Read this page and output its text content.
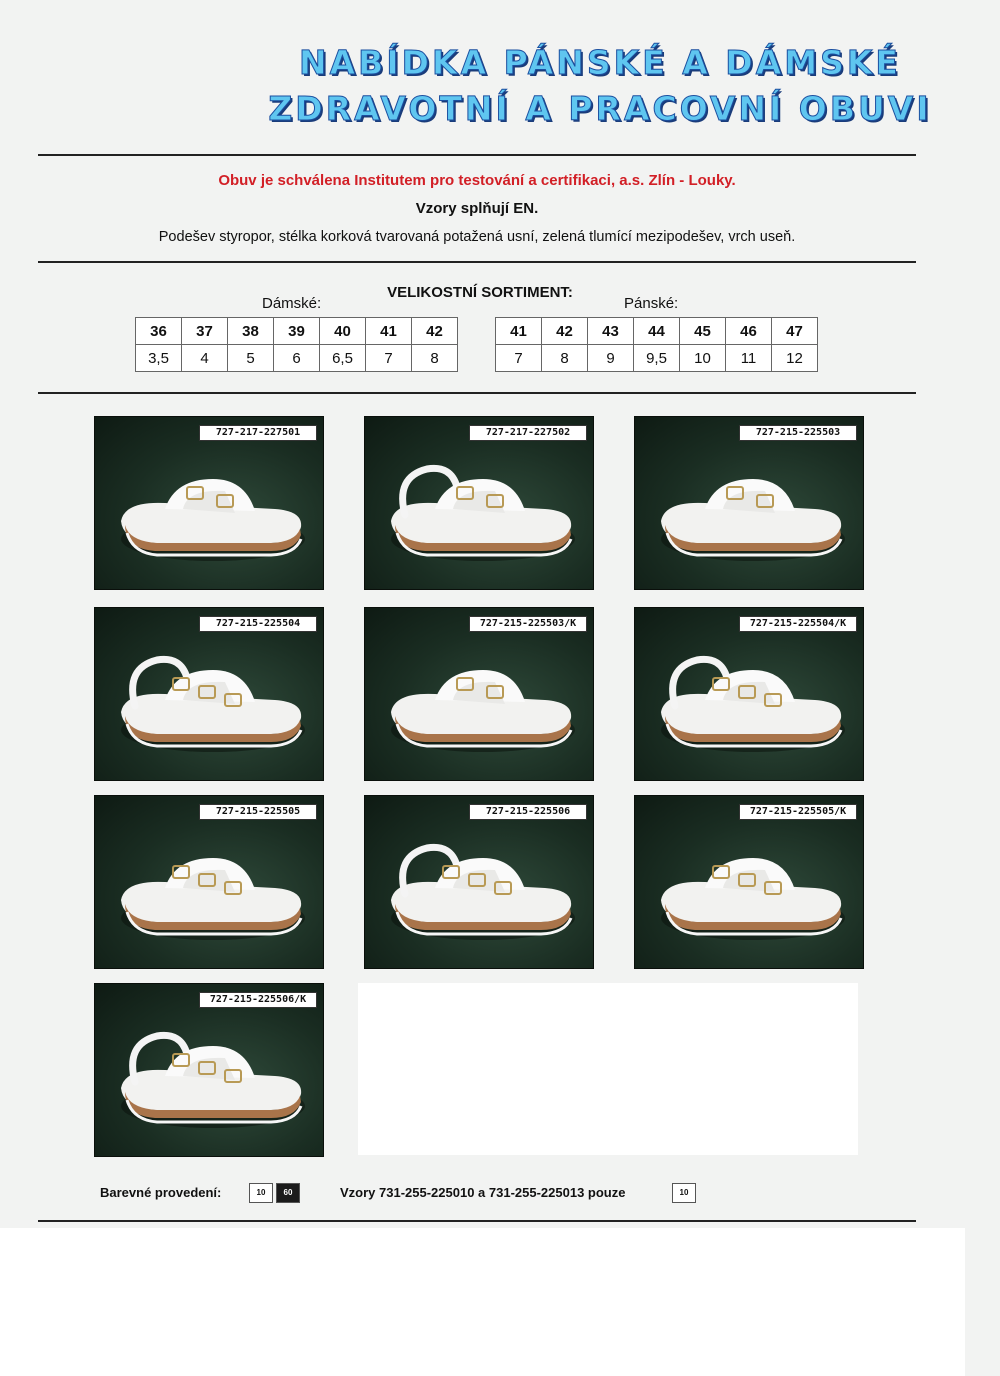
NABÍDKA PÁNSKÉ A DÁMSKÉ
ZDRAVOTNÍ A PRACOVNÍ OBUVI
Obuv je schválena Institutem pro testování a certifikaci, a.s. Zlín - Louky.
Vzory splňují EN.
Podešev styropor, stélka korková tvarovaná potažená usní, zelená tlumící mezipodešev, vrch useň.
VELIKOSTNÍ SORTIMENT:
Dámské:	Pánské:
36	37	38	39	40	41	42
3,5	4	5	6	6,5	7	8
41	42	43	44	45	46	47
7	8	9	9,5	10	11	12
727-217-227501	727-217-227502	727-215-225503
727-215-225504	727-215-225503/K	727-215-225504/K
727-215-225505	727-215-225506	727-215-225505/K
727-215-225506/K
Barevné provedení:	10	60	Vzory 731-255-225010 a 731-255-225013 pouze	10
